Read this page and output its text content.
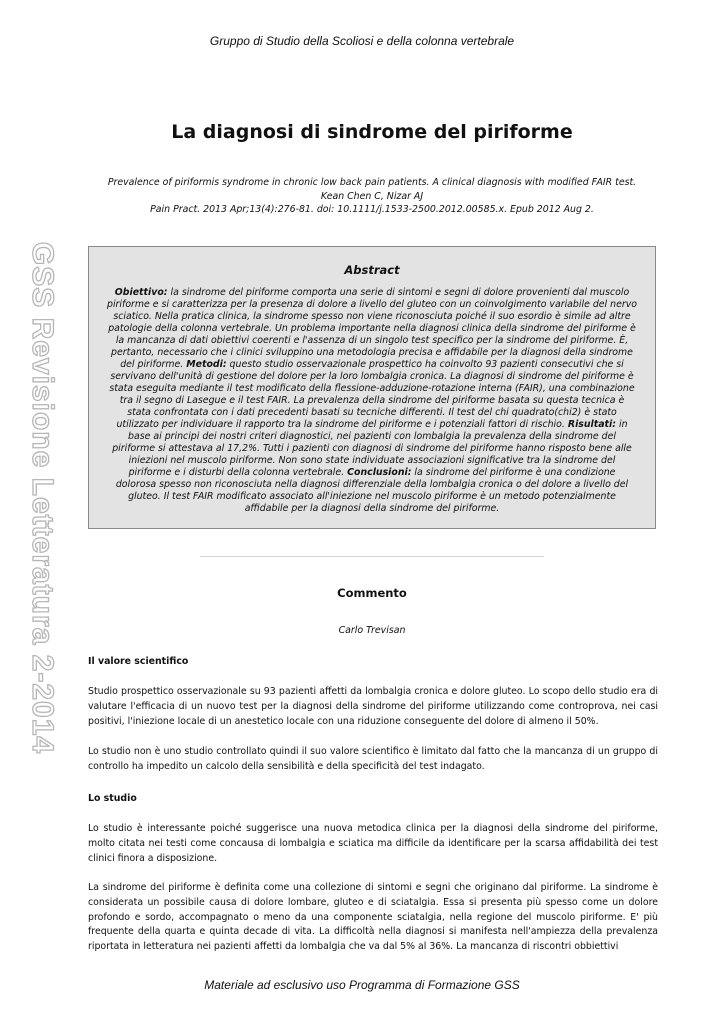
Gruppo di Studio della Scoliosi e della colonna vertebrale
GSS Revisione Letteratura 2-2014
La diagnosi di sindrome del piriforme
Prevalence of piriformis syndrome in chronic low back pain patients. A clinical diagnosis with modified FAIR test.
Kean Chen C, Nizar AJ
Pain Pract. 2013 Apr;13(4):276-81. doi: 10.1111/j.1533-2500.2012.00585.x. Epub 2012 Aug 2.
Abstract
Obiettivo: la sindrome del piriforme comporta una serie di sintomi e segni di dolore provenienti dal muscolo piriforme e si caratterizza per la presenza di dolore a livello del gluteo con un coinvolgimento variabile del nervo sciatico. Nella pratica clinica, la sindrome spesso non viene riconosciuta poiché il suo esordio è simile ad altre patologie della colonna vertebrale. Un problema importante nella diagnosi clinica della sindrome del piriforme è la mancanza di dati obiettivi coerenti e l'assenza di un singolo test specifico per la sindrome del piriforme. È, pertanto, necessario che i clinici sviluppino una metodologia precisa e affidabile per la diagnosi della sindrome del piriforme. Metodi: questo studio osservazionale prospettico ha coinvolto 93 pazienti consecutivi che si servivano dell'unità di gestione del dolore per la loro lombalgia cronica. La diagnosi di sindrome del piriforme è stata eseguita mediante il test modificato della flessione-adduzione-rotazione interna (FAIR), una combinazione tra il segno di Lasegue e il test FAIR. La prevalenza della sindrome del piriforme basata su questa tecnica è stata confrontata con i dati precedenti basati su tecniche differenti. Il test del chi quadrato(chi2) è stato utilizzato per individuare il rapporto tra la sindrome del piriforme e i potenziali fattori di rischio. Risultati: in base ai principi dei nostri criteri diagnostici, nei pazienti con lombalgia la prevalenza della sindrome del piriforme si attestava al 17,2%. Tutti i pazienti con diagnosi di sindrome del piriforme hanno risposto bene alle iniezioni nel muscolo piriforme. Non sono state individuate associazioni significative tra la sindrome del piriforme e i disturbi della colonna vertebrale. Conclusioni: la sindrome del piriforme è una condizione dolorosa spesso non riconosciuta nella diagnosi differenziale della lombalgia cronica o del dolore a livello del gluteo. Il test FAIR modificato associato all'iniezione nel muscolo piriforme è un metodo potenzialmente affidabile per la diagnosi della sindrome del piriforme.
Commento
Carlo Trevisan
Il valore scientifico
Studio prospettico osservazionale su 93 pazienti affetti da lombalgia cronica e dolore gluteo. Lo scopo dello studio era di valutare l'efficacia di un nuovo test per la diagnosi della sindrome del piriforme utilizzando come controprova, nei casi positivi, l'iniezione locale di un anestetico locale con una riduzione conseguente del dolore di almeno il 50%.
Lo studio non è uno studio controllato quindi il suo valore scientifico è limitato dal fatto che la mancanza di un gruppo di controllo ha impedito un calcolo della sensibilità e della specificità del test indagato.
Lo studio
Lo studio è interessante poiché suggerisce una nuova metodica clinica per la diagnosi della sindrome del piriforme, molto citata nei testi come concausa di lombalgia e sciatica ma difficile da identificare per la scarsa affidabilità dei test clinici finora a disposizione.
La sindrome del piriforme è definita come una collezione di sintomi e segni che originano dal piriforme. La sindrome è considerata un possibile causa di dolore lombare, gluteo e di sciatalgia. Essa si presenta più spesso come un dolore profondo e sordo, accompagnato o meno da una componente sciatalgia, nella regione del muscolo piriforme. E' più frequente della quarta e quinta decade di vita. La difficoltà nella diagnosi si manifesta nell'ampiezza della prevalenza riportata in letteratura nei pazienti affetti da lombalgia che va dal 5% al 36%. La mancanza di riscontri obbiettivi
Materiale ad esclusivo uso Programma di Formazione GSS
